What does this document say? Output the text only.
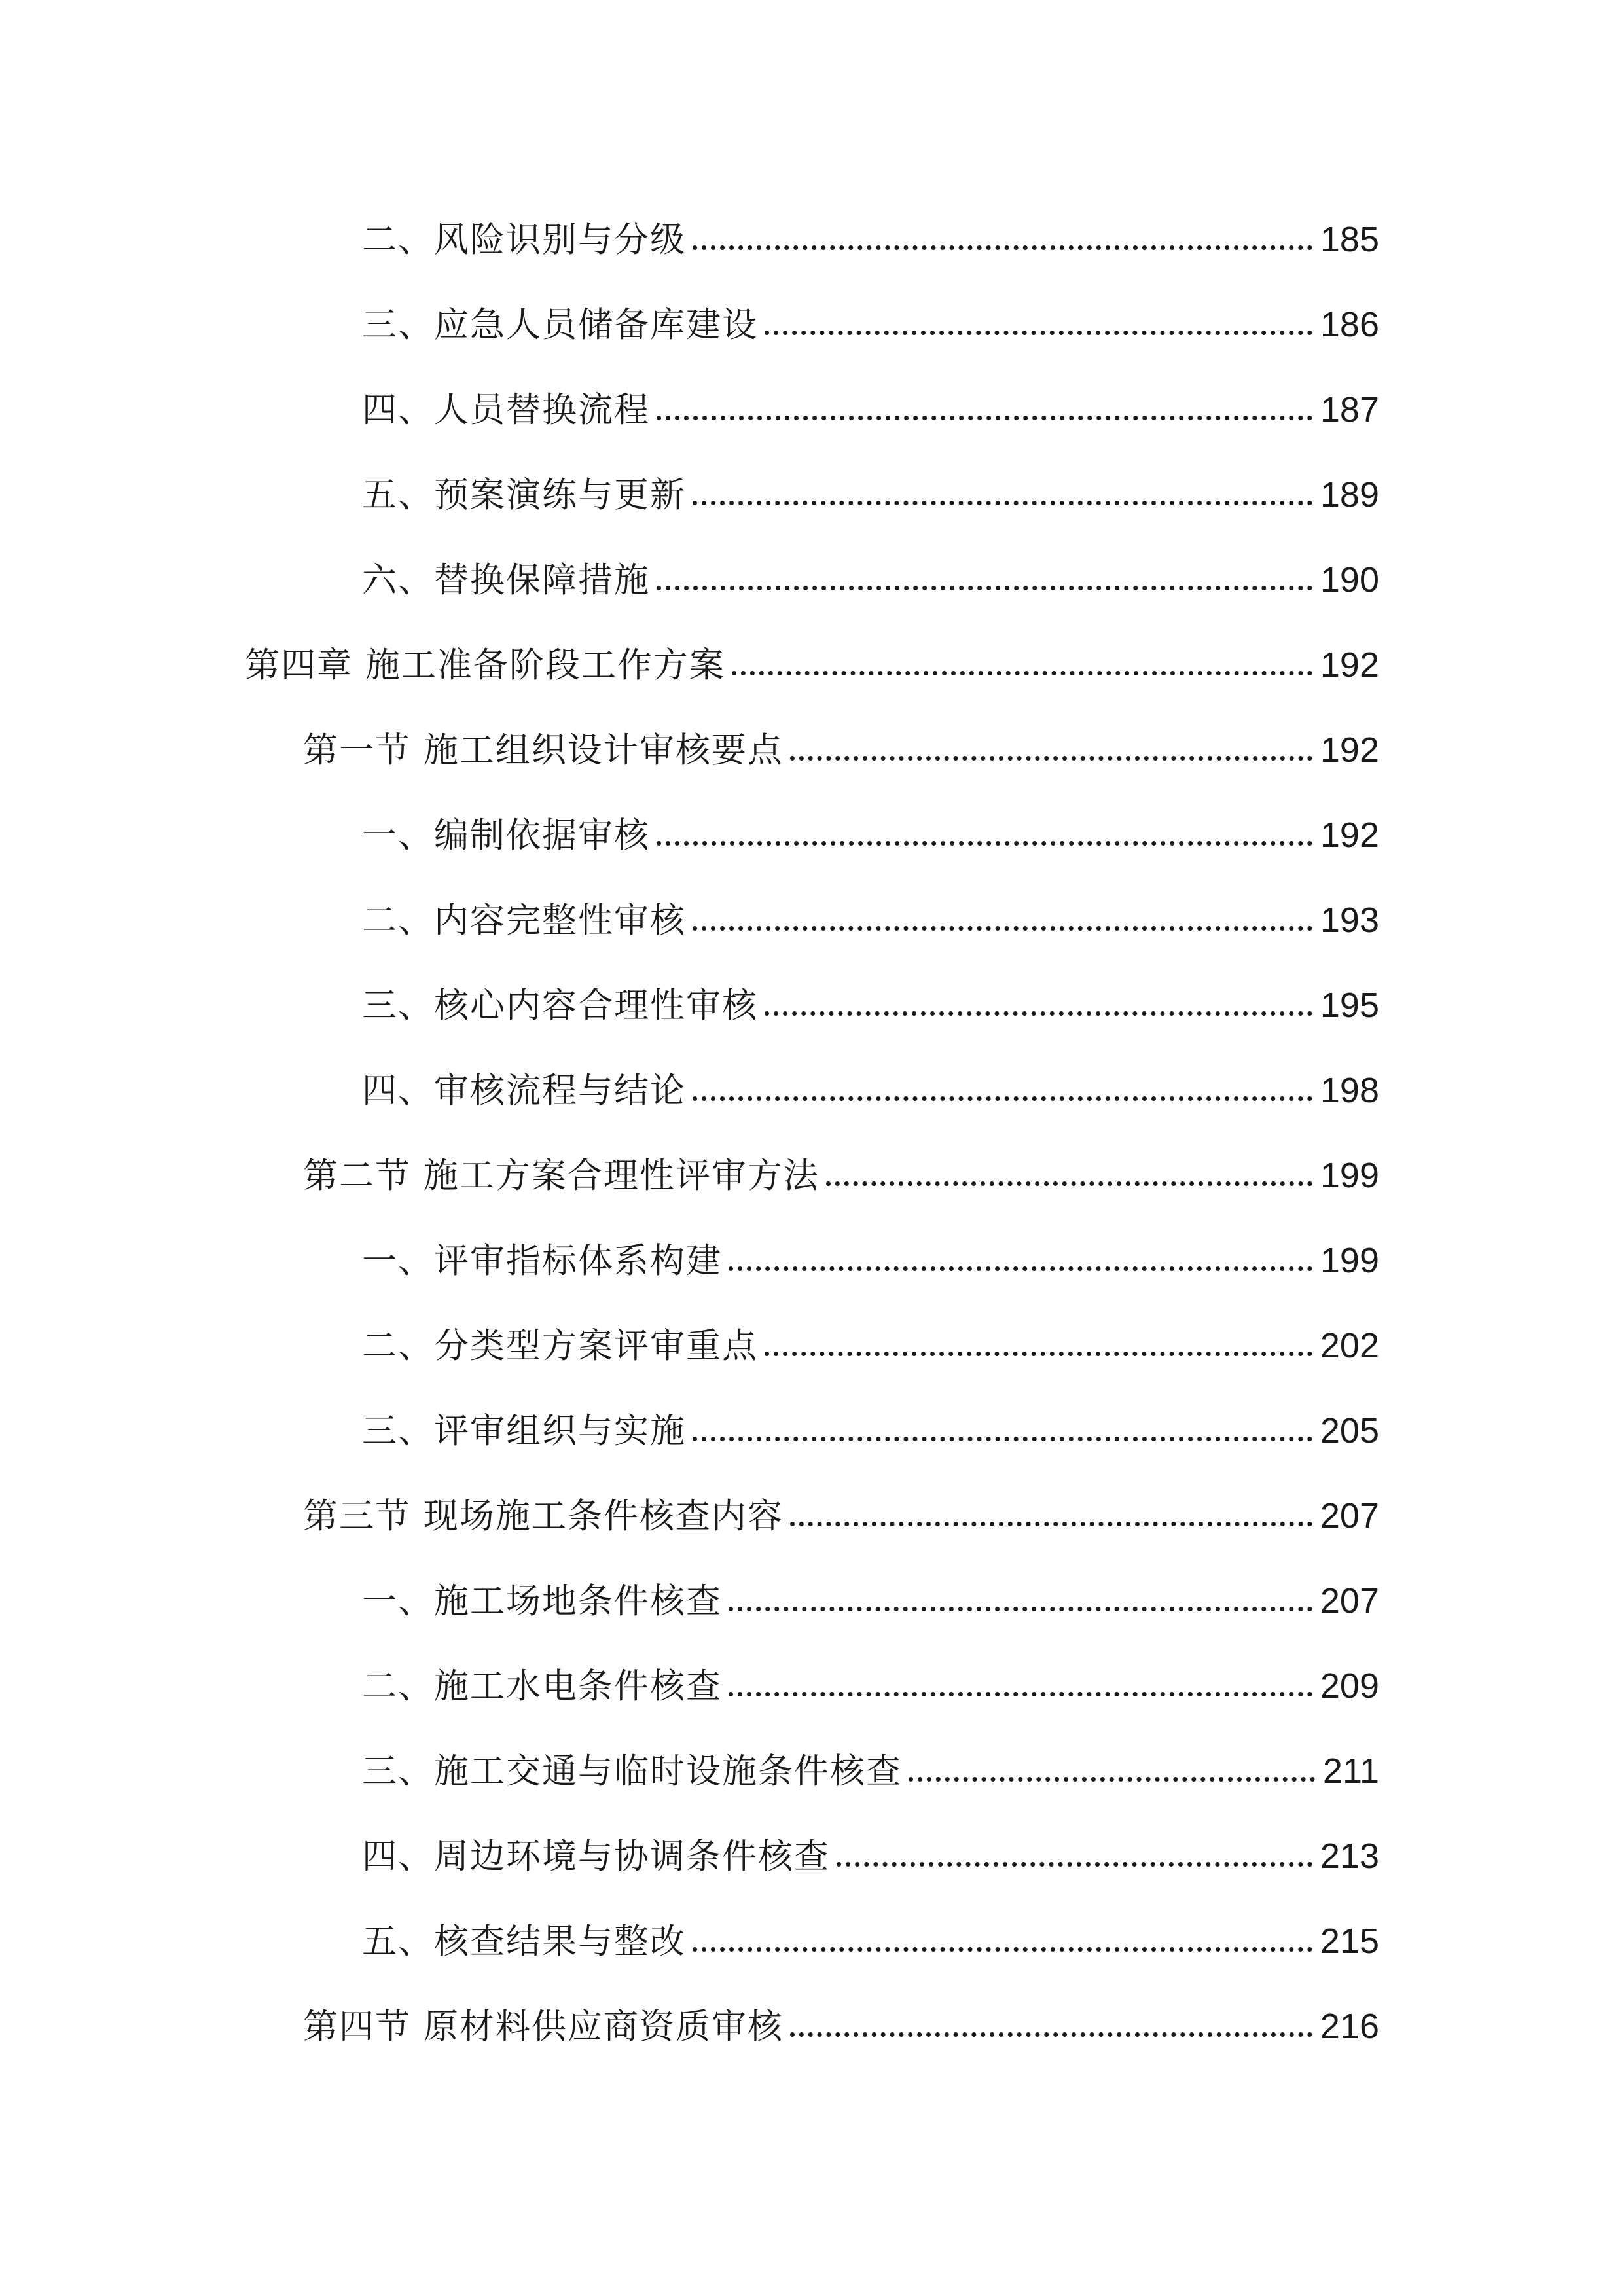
二、风险识别与分级	185
三、应急人员储备库建设	186
四、人员替换流程	187
五、预案演练与更新	189
六、替换保障措施	190
第四章 施工准备阶段工作方案	192
第一节 施工组织设计审核要点	192
一、编制依据审核	192
二、内容完整性审核	193
三、核心内容合理性审核	195
四、审核流程与结论	198
第二节 施工方案合理性评审方法	199
一、评审指标体系构建	199
二、分类型方案评审重点	202
三、评审组织与实施	205
第三节 现场施工条件核查内容	207
一、施工场地条件核查	207
二、施工水电条件核查	209
三、施工交通与临时设施条件核查	211
四、周边环境与协调条件核查	213
五、核查结果与整改	215
第四节 原材料供应商资质审核	216
